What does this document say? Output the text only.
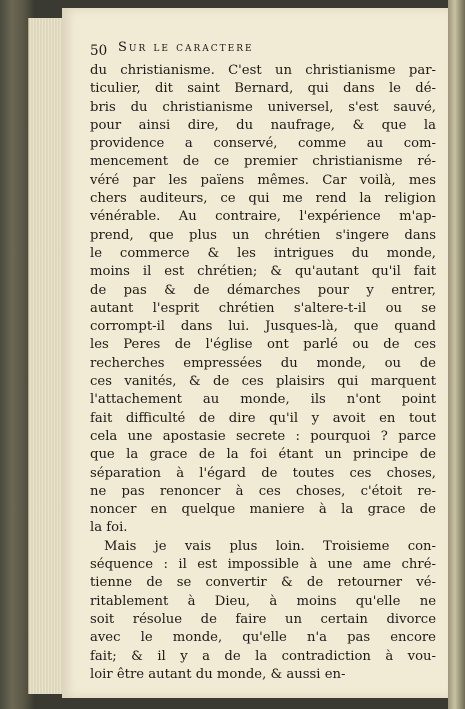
50 Sur le caractere
du christianisme. C'est un christianisme par-
ticulier, dit saint Bernard, qui dans le dé-
bris du christianisme universel, s'est sauvé,
pour ainsi dire, du naufrage, & que la
providence a conservé, comme au com-
mencement de ce premier christianisme ré-
véré par les païens mêmes. Car voilà, mes
chers auditeurs, ce qui me rend la religion
vénérable. Au contraire, l'expérience m'ap-
prend, que plus un chrétien s'ingere dans
le commerce & les intrigues du monde,
moins il est chrétien; & qu'autant qu'il fait
de pas & de démarches pour y entrer,
autant l'esprit chrétien s'altere-t-il ou se
corrompt-il dans lui. Jusques-là, que quand
les Peres de l'église ont parlé ou de ces
recherches empressées du monde, ou de
ces vanités, & de ces plaisirs qui marquent
l'attachement au monde, ils n'ont point
fait difficulté de dire qu'il y avoit en tout
cela une apostasie secrete : pourquoi ? parce
que la grace de la foi étant un principe de
séparation à l'égard de toutes ces choses,
ne pas renoncer à ces choses, c'étoit re-
noncer en quelque maniere à la grace de
la foi.
Mais je vais plus loin. Troisieme con-
séquence : il est impossible à une ame chré-
tienne de se convertir & de retourner vé-
ritablement à Dieu, à moins qu'elle ne
soit résolue de faire un certain divorce
avec le monde, qu'elle n'a pas encore
fait; & il y a de la contradiction à vou-
loir être autant du monde, & aussi en-
